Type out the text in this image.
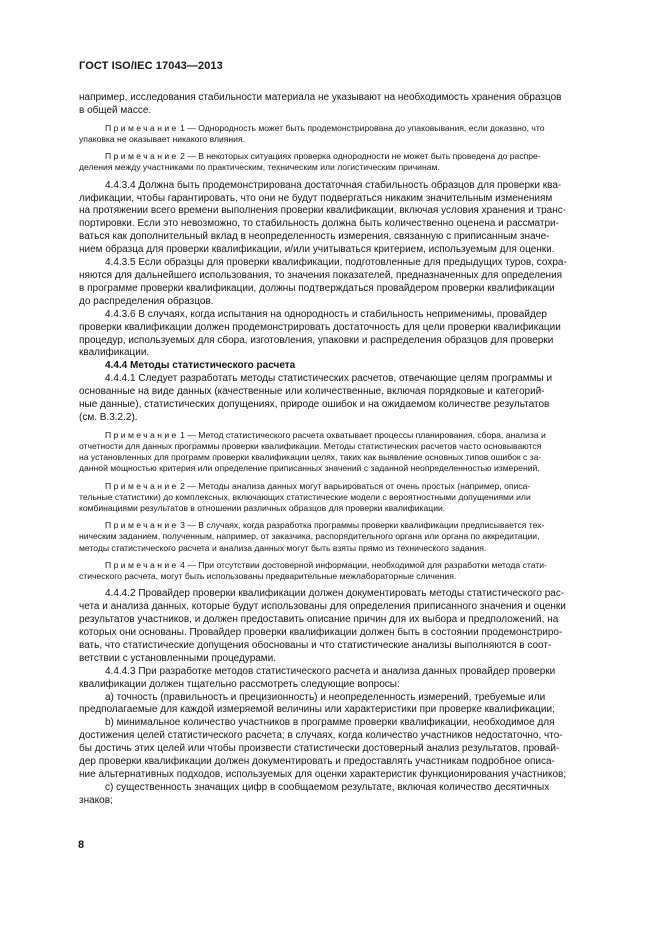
ГОСТ ISO/IEC 17043—2013

например, исследования стабильности материала не указывают на необходимость хранения образцов
в общей массе.

Примечание 1 — Однородность может быть продемонстрирована до упаковывания, если доказано, что
упаковка не оказывает никакого влияния.

Примечание 2 — В некоторых ситуациях проверка однородности не может быть проведена до распре-
деления между участниками по практическим, техническим или логистическим причинам.

4.4.3.4 Должна быть продемонстрирована достаточная стабильность образцов для проверки ква-
лификации, чтобы гарантировать, что они не будут подвергаться никаким значительным изменениям
на протяжении всего времени выполнения проверки квалификации, включая условия хранения и транс-
портировки. Если это невозможно, то стабильность должна быть количественно оценена и рассматри-
ваться как дополнительный вклад в неопределенность измерения, связанную с приписанным значе-
нием образца для проверки квалификации, и/или учитываться критерием, используемым для оценки.

4.4.3.5 Если образцы для проверки квалификации, подготовленные для предыдущих туров, сохра-
няются для дальнейшего использования, то значения показателей, предназначенных для определения
в программе проверки квалификации, должны подтверждаться провайдером проверки квалификации
до распределения образцов.

4.4.3.6 В случаях, когда испытания на однородность и стабильность неприменимы, провайдер
проверки квалификации должен продемонстрировать достаточность для цели проверки квалификации
процедур, используемых для сбора, изготовления, упаковки и распределения образцов для проверки
квалификации.

4.4.4 Методы статистического расчета

4.4.4.1 Следует разработать методы статистических расчетов, отвечающие целям программы и
основанные на виде данных (качественные или количественные, включая порядковые и категорий-
ные данные), статистических допущениях, природе ошибок и на ожидаемом количестве результатов
(см. В.3.2.2).

Примечание 1 — Метод статистического расчета охватывает процессы планирования, сбора, анализа и
отчетности для данных программы проверки квалификации. Методы статистических расчетов часто основываются
на установленных для программ проверки квалификации целях, таких как выявление основных типов ошибок с за-
данной мощностью критерия или определение приписанных значений с заданной неопределенностью измерений.

Примечание 2 — Методы анализа данных могут варьироваться от очень простых (например, описа-
тельные статистики) до комплексных, включающих статистические модели с вероятностными допущениями или
комбинациями результатов в отношении различных образцов для проверки квалификации.

Примечание 3 — В случаях, когда разработка программы проверки квалификации предписывается тех-
ническим заданием, полученным, например, от заказчика, распорядительного органа или органа по аккредитации,
методы статистического расчета и анализа данных могут быть взяты прямо из технического задания.

Примечание 4 — При отсутствии достоверной информации, необходимой для разработки метода стати-
стического расчета, могут быть использованы предварительные межлабораторные сличения.

4.4.4.2 Провайдер проверки квалификации должен документировать методы статистического рас-
чета и анализа данных, которые будут использованы для определения приписанного значения и оценки
результатов участников, и должен предоставить описание причин для их выбора и предположений, на
которых они основаны. Провайдер проверки квалификации должен быть в состоянии продемонстриро-
вать, что статистические допущения обоснованы и что статистические анализы выполняются в соот-
ветствии с установленными процедурами.

4.4.4.3 При разработке методов статистического расчета и анализа данных провайдер проверки
квалификации должен тщательно рассмотреть следующие вопросы:

a) точность (правильность и прецизионность) и неопределенность измерений, требуемые или
предполагаемые для каждой измеряемой величины или характеристики при проверке квалификации;

b) минимальное количество участников в программе проверки квалификации, необходимое для
достижения целей статистического расчета; в случаях, когда количество участников недостаточно, что-
бы достичь этих целей или чтобы произвести статистически достоверный анализ результатов, провай-
дер проверки квалификации должен документировать и предоставлять участникам подробное описа-
ние альтернативных подходов, используемых для оценки характеристик функционирования участников;

c) существенность значащих цифр в сообщаемом результате, включая количество десятичных
знаков;

8
